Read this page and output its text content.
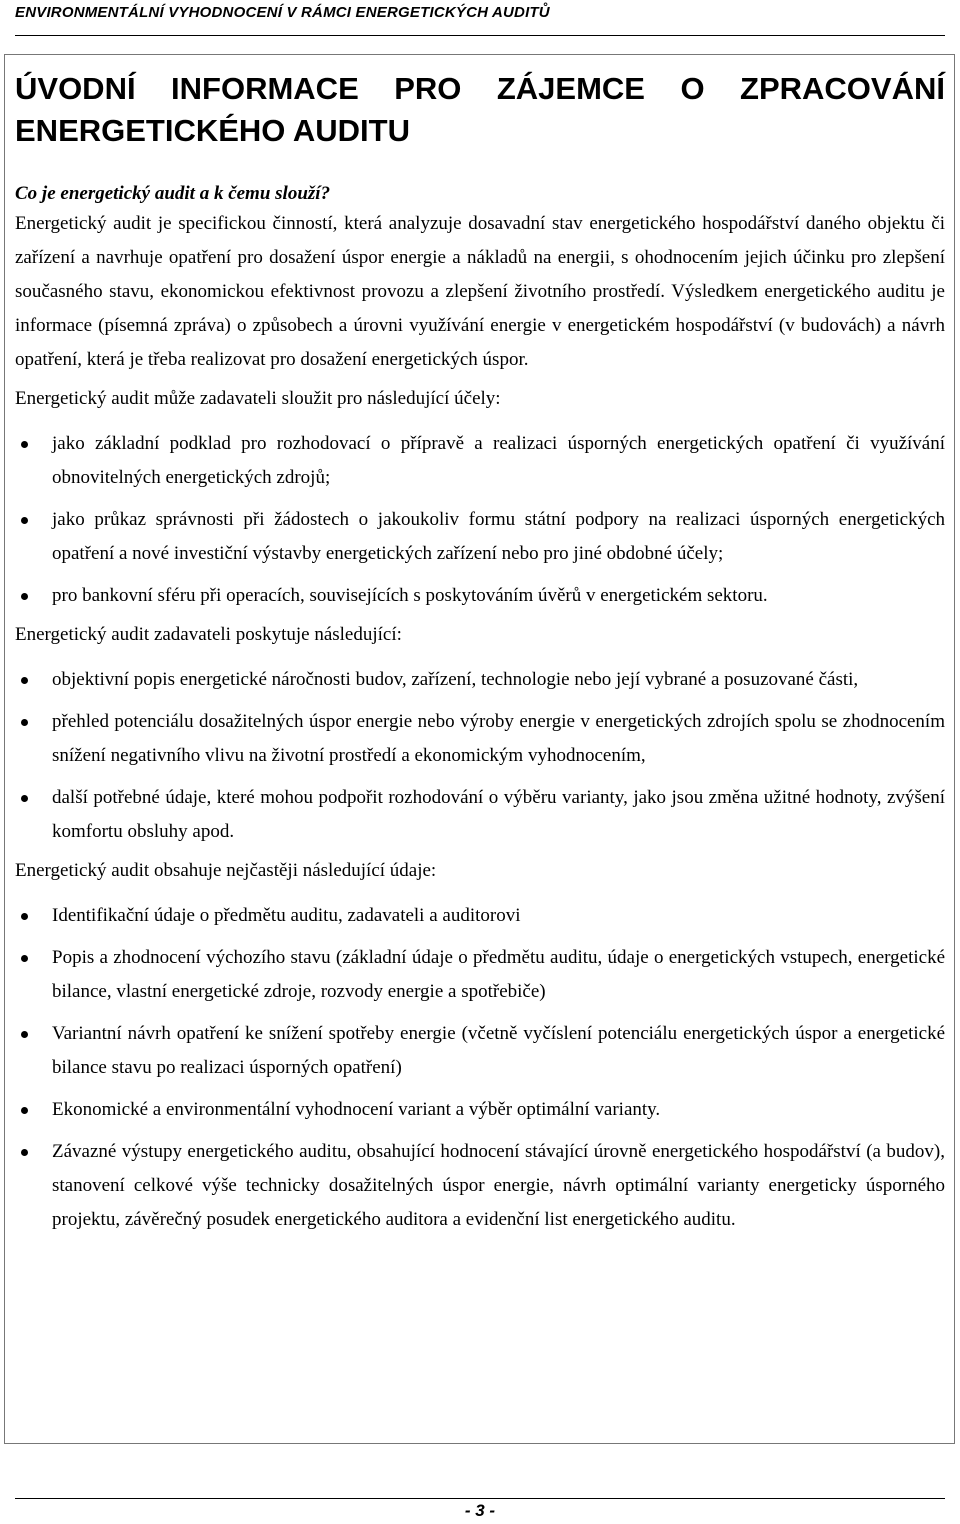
ENVIRONMENTÁLNÍ VYHODNOCENÍ V RÁMCI ENERGETICKÝCH AUDITŮ
ÚVODNÍ INFORMACE PRO ZÁJEMCE O ZPRACOVÁNÍ ENERGETICKÉHO AUDITU

Co je energetický audit a k čemu slouží?

Energetický audit je specifickou činností, která analyzuje dosavadní stav energetického hospodářství daného objektu či zařízení a navrhuje opatření pro dosažení úspor energie a nákladů na energii, s ohodnocením jejich účinku pro zlepšení současného stavu, ekonomickou efektivnost provozu a zlepšení životního prostředí. Výsledkem energetického auditu je informace (písemná zpráva) o způsobech a úrovni využívání energie v energetickém hospodářství (v budovách) a návrh opatření, která je třeba realizovat pro dosažení energetických úspor.

Energetický audit může zadavateli sloužit pro následující účely:

jako základní podklad pro rozhodovací o přípravě a realizaci úsporných energetických opatření či využívání obnovitelných energetických zdrojů;
jako průkaz správnosti při žádostech o jakoukoliv formu státní podpory na realizaci úsporných energetických opatření a nové investiční výstavby energetických zařízení nebo pro jiné obdobné účely;
pro bankovní sféru při operacích, souvisejících s poskytováním úvěrů v energetickém sektoru.

Energetický audit zadavateli poskytuje následující:

objektivní popis energetické náročnosti budov, zařízení, technologie nebo její vybrané a posuzované části,
přehled potenciálu dosažitelných úspor energie nebo výroby energie v energetických zdrojích spolu se zhodnocením snížení negativního vlivu na životní prostředí a ekonomickým vyhodnocením,
další potřebné údaje, které mohou podpořit rozhodování o výběru varianty, jako jsou změna užitné hodnoty, zvýšení komfortu obsluhy apod.

Energetický audit obsahuje nejčastěji následující údaje:

Identifikační údaje o předmětu auditu, zadavateli a auditorovi
Popis a zhodnocení výchozího stavu (základní údaje o předmětu auditu, údaje o energetických vstupech, energetické bilance, vlastní energetické zdroje, rozvody energie a spotřebiče)
Variantní návrh opatření ke snížení spotřeby energie (včetně vyčíslení potenciálu energetických úspor a energetické bilance stavu po realizaci úsporných opatření)
Ekonomické a environmentální vyhodnocení variant a výběr optimální varianty.
Závazné výstupy energetického auditu, obsahující hodnocení stávající úrovně energetického hospodářství (a budov), stanovení celkové výše technicky dosažitelných úspor energie, návrh optimální varianty energeticky úsporného projektu, závěrečný posudek energetického auditora a evidenční list energetického auditu.
- 3 -
